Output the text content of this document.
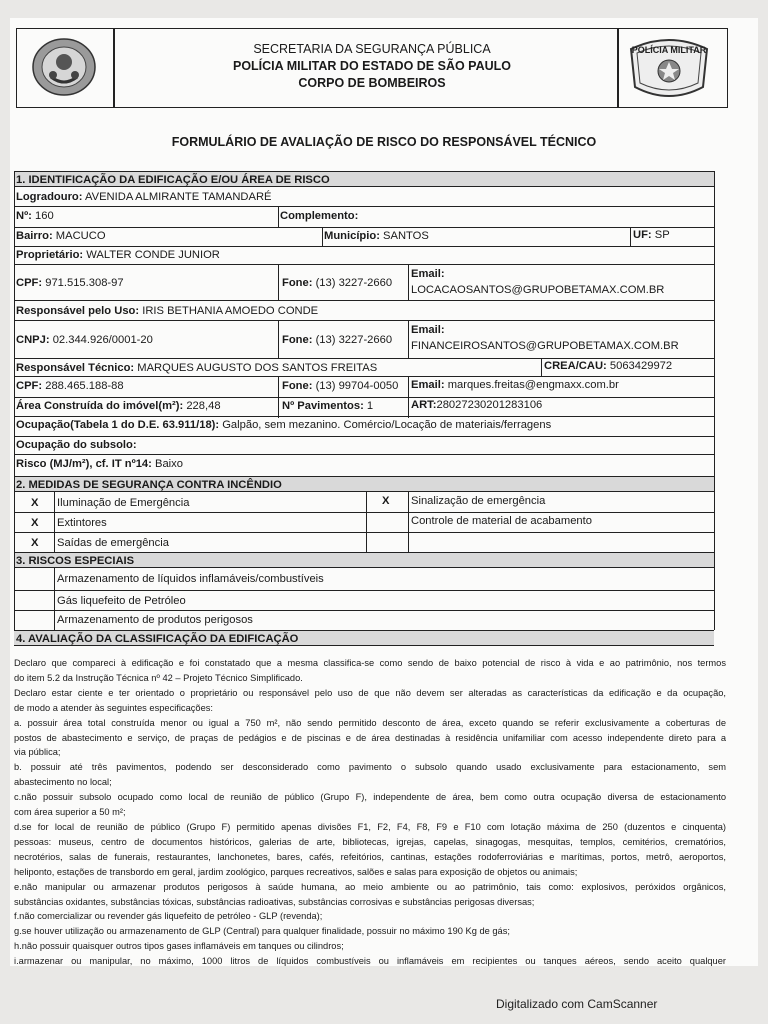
SECRETARIA DA SEGURANÇA PÚBLICA
POLÍCIA MILITAR DO ESTADO DE SÃO PAULO
CORPO DE BOMBEIROS
POLÍCIA MILITAR
FORMULÁRIO DE AVALIAÇÃO DE RISCO DO RESPONSÁVEL TÉCNICO
1. IDENTIFICAÇÃO DA EDIFICAÇÃO E/OU ÁREA DE RISCO
Logradouro: AVENIDA ALMIRANTE TAMANDARÉ
Nº: 160	Complemento:
Bairro: MACUCO	Município: SANTOS	UF: SP
Proprietário: WALTER CONDE JUNIOR
CPF: 971.515.308-97	Fone: (13) 3227-2660
Email:
LOCACAOSANTOS@GRUPOBETAMAX.COM.BR
Responsável pelo Uso: IRIS BETHANIA AMOEDO CONDE
CNPJ: 02.344.926/0001-20	Fone: (13) 3227-2660
Email:
FINANCEIROSANTOS@GRUPOBETAMAX.COM.BR
Responsável Técnico: MARQUES AUGUSTO DOS SANTOS FREITAS	CREA/CAU: 5063429972
CPF: 288.465.188-88	Fone: (13) 99704-0050 Email: marques.freitas@engmaxx.com.br
Área Construída do imóvel(m²): 228,48	Nº Pavimentos: 1	ART:28027230201283106
Ocupação(Tabela 1 do D.E. 63.911/18): Galpão, sem mezanino. Comércio/Locação de materiais/ferragens
Ocupação do subsolo:
Risco (MJ/m²), cf. IT nº14: Baixo
2. MEDIDAS DE SEGURANÇA CONTRA INCÊNDIO
X Iluminação de Emergência	X Sinalização de emergência
X Extintores	Controle de material de acabamento
X Saídas de emergência
3. RISCOS ESPECIAIS
Armazenamento de líquidos inflamáveis/combustíveis
Gás liquefeito de Petróleo
Armazenamento de produtos perigosos
4. AVALIAÇÃO DA CLASSIFICAÇÃO DA EDIFICAÇÃO
Declaro que compareci à edificação e foi constatado que a mesma classifica-se como sendo de baixo potencial de risco à vida e ao patrimônio, nos termos
do item 5.2 da Instrução Técnica nº 42 – Projeto Técnico Simplificado.
Declaro estar ciente e ter orientado o proprietário ou responsável pelo uso de que não devem ser alteradas as características da edificação e da ocupação,
de modo a atender às seguintes especificações:
a. possuir área total construída menor ou igual a 750 m², não sendo permitido desconto de área, exceto quando se referir exclusivamente a coberturas de
postos de abastecimento e serviço, de praças de pedágios e de piscinas e de área destinadas à residência unifamiliar com acesso independente direto para a
via pública;
b. possuir até três pavimentos, podendo ser desconsiderado como pavimento o subsolo quando usado exclusivamente para estacionamento, sem
abastecimento no local;
c.não possuir subsolo ocupado como local de reunião de público (Grupo F), independente de área, bem como outra ocupação diversa de estacionamento
com área superior a 50 m²;
d.se for local de reunião de público (Grupo F) permitido apenas divisões F1, F2, F4, F8, F9 e F10 com lotação máxima de 250 (duzentos e cinquenta)
pessoas: museus, centro de documentos históricos, galerias de arte, bibliotecas, igrejas, capelas, sinagogas, mesquitas, templos, cemitérios, crematórios,
necrotérios, salas de funerais, restaurantes, lanchonetes, bares, cafés, refeitórios, cantinas, estações rodoferroviárias e marítimas, portos, metrô, aeroportos,
heliponto, estações de transbordo em geral, jardim zoológico, parques recreativos, salões e salas para exposição de objetos ou animais;
e.não manipular ou armazenar produtos perigosos à saúde humana, ao meio ambiente ou ao patrimônio, tais como: explosivos, peróxidos orgânicos,
substâncias oxidantes, substâncias tóxicas, substâncias radioativas, substâncias corrosivas e substâncias perigosas diversas;
f.não comercializar ou revender gás liquefeito de petróleo - GLP (revenda);
g.se houver utilização ou armazenamento de GLP (Central) para qualquer finalidade, possuir no máximo 190 Kg de gás;
h.não possuir quaisquer outros tipos gases inflamáveis em tanques ou cilindros;
i.armazenar ou manipular, no máximo, 1000 litros de líquidos combustíveis ou inflamáveis em recipientes ou tanques aéreos, sendo aceito qualquer
Digitalizado com CamScanner
